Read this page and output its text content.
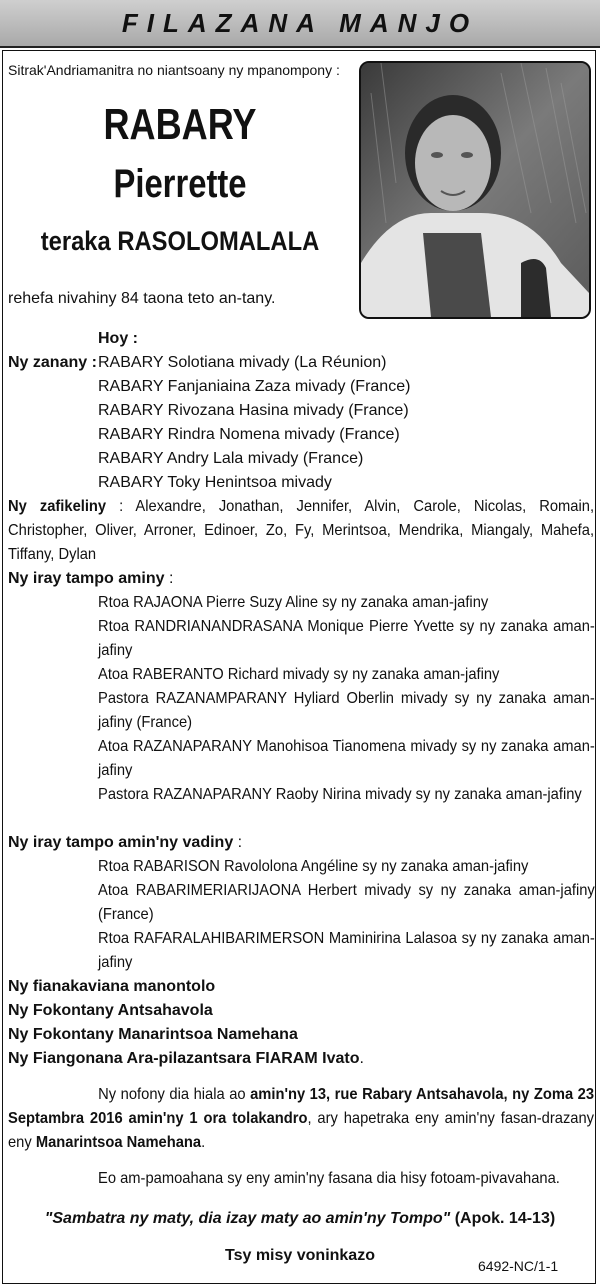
FILAZANA MANJO
Sitrak'Andriamanitra no niantsoany ny mpanompony :
RABARY
Pierrette
teraka RASOLOMALALA
rehefa nivahiny 84 taona teto an-tany.
Hoy :
Ny zanany : RABARY Solotiana mivady (La Réunion)
RABARY Fanjaniaina Zaza mivady (France)
RABARY Rivozana Hasina mivady (France)
RABARY Rindra Nomena mivady (France)
RABARY Andry Lala mivady (France)
RABARY Toky Henintsoa mivady
Ny zafikeliny : Alexandre, Jonathan, Jennifer, Alvin, Carole, Nicolas, Romain, Christopher, Oliver, Arroner, Edinoer, Zo, Fy, Merintsoa, Mendrika, Miangaly, Mahefa, Tiffany, Dylan
Ny iray tampo aminy :
Rtoa RAJAONA Pierre Suzy Aline sy ny zanaka aman-jafiny
Rtoa RANDRIANANDRASANA Monique Pierre Yvette sy ny zanaka aman-jafiny
Atoa RABERANTO Richard mivady sy ny zanaka aman-jafiny
Pastora RAZANAMPARANY Hyliard Oberlin mivady sy ny zanaka aman-jafiny (France)
Atoa RAZANAPARANY Manohisoa Tianomena mivady sy ny zanaka aman-jafiny
Pastora RAZANAPARANY Raoby Nirina mivady sy ny zanaka aman-jafiny
Ny iray tampo amin'ny vadiny :
Rtoa RABARISON Ravololona Angéline sy ny zanaka aman-jafiny
Atoa RABARIMERIARIJAONA Herbert mivady sy ny zanaka aman-jafiny (France)
Rtoa RAFARALAHIBARIMERSON Maminirina Lalasoa sy ny zanaka aman-jafiny
Ny fianakaviana manontolo
Ny Fokontany Antsahavola
Ny Fokontany Manarintsoa Namehana
Ny Fiangonana Ara-pilazantsara FIARAM Ivato.
Ny nofony dia hiala ao amin'ny 13, rue Rabary Antsahavola, ny Zoma 23 Septambra 2016 amin'ny 1 ora tolakandro, ary hapetraka eny amin'ny fasan-drazany eny Manarintsoa Namehana.
Eo am-pamoahana sy eny amin'ny fasana dia hisy fotoam-pivavahana.
"Sambatra ny maty, dia izay maty ao amin'ny Tompo" (Apok. 14-13)
Tsy misy voninkazo
6492-NC/1-1
